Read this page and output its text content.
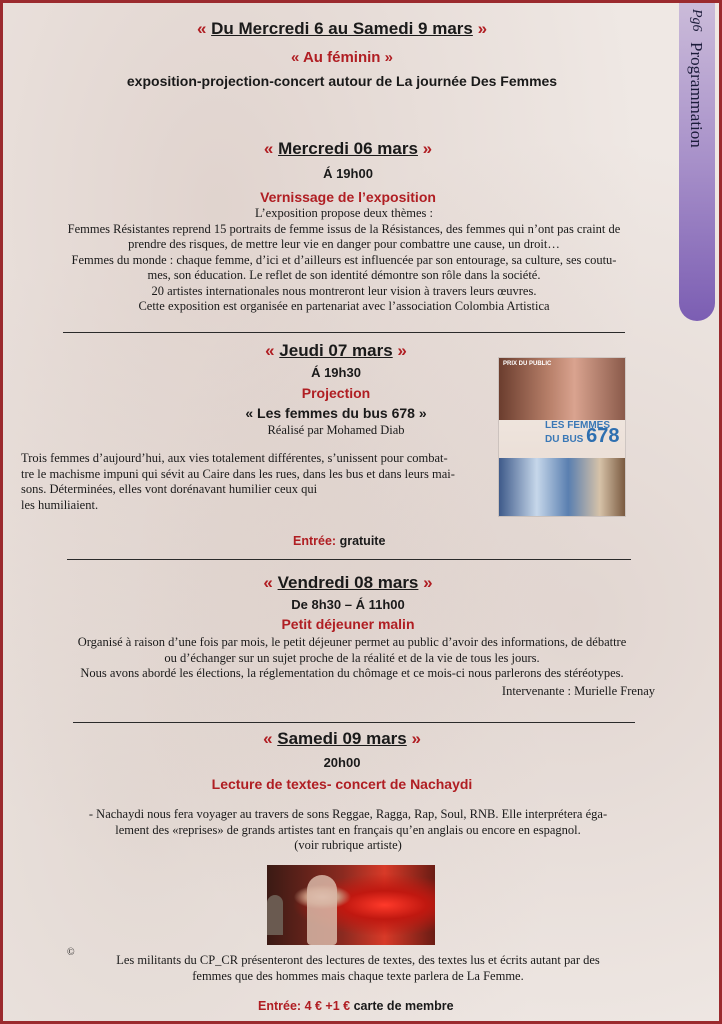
Pg6
Programmation
« Du Mercredi 6 au Samedi 9 mars »
« Au féminin »
exposition-projection-concert autour de La journée Des Femmes
« Mercredi 06 mars »
Á 19h00
Vernissage de l’exposition
L’exposition propose deux thèmes :
Femmes Résistantes reprend 15 portraits de femme issus de la Résistances, des femmes qui n’ont pas craint de
prendre des risques, de mettre leur vie en danger pour combattre une cause, un droit…
Femmes du monde : chaque femme, d’ici et d’ailleurs est influencée par son entourage, sa culture, ses coutu-
mes, son éducation. Le reflet de son identité démontre son rôle dans la société.
20 artistes internationales nous montreront leur vision à travers leurs œuvres.
Cette exposition est organisée en partenariat avec l’association Colombia Artistica
« Jeudi 07 mars »
Á 19h30
Projection
« Les femmes du bus 678 »
Réalisé par Mohamed Diab
Trois femmes d’aujourd’hui, aux vies totalement différentes, s’unissent pour combat-
tre le machisme impuni qui sévit au Caire dans les rues, dans les bus et dans leurs mai-
sons. Déterminées, elles vont dorénavant humilier ceux qui
les humiliaient.
PRIX DU PUBLIC
LES FEMMES
DU BUS 678
Entrée: gratuite
« Vendredi 08 mars »
De 8h30 – Á 11h00
Petit déjeuner malin
Organisé à raison d’une fois par mois, le petit déjeuner permet au public d’avoir des informations, de débattre
ou d’échanger sur un sujet proche de la réalité et de la vie de tous les jours.
Nous avons abordé les élections, la réglementation du chômage et ce mois-ci nous parlerons des stéréotypes.
Intervenante : Murielle Frenay
« Samedi 09 mars »
20h00
Lecture de textes- concert de Nachaydi
- Nachaydi nous fera voyager au travers de sons Reggae, Ragga, Rap, Soul, RNB. Elle interprétera éga-
lement des «reprises» de grands artistes tant en français qu’en anglais ou encore en espagnol.
(voir rubrique artiste)
©
Les militants du CP_CR présenteront des lectures de textes, des textes lus et écrits autant par des
femmes que des hommes mais chaque texte parlera de La Femme.
Entrée: 4 € +1 € carte de membre
